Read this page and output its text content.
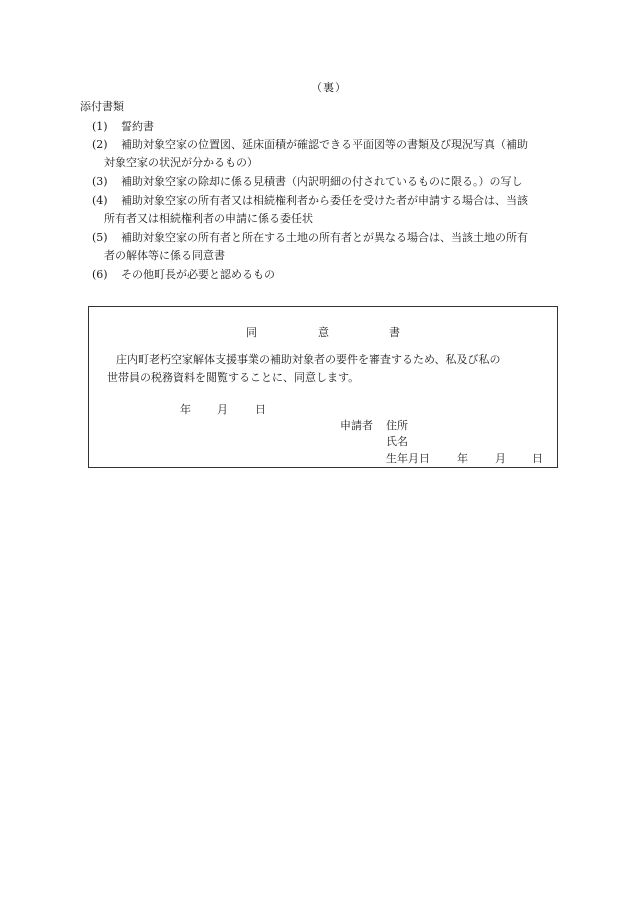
（裏）
添付書類
(1) 誓約書
(2) 補助対象空家の位置図、延床面積が確認できる平面図等の書類及び現況写真（補助
対象空家の状況が分かるもの）
(3) 補助対象空家の除却に係る見積書（内訳明細の付されているものに限る。）の写し
(4) 補助対象空家の所有者又は相続権利者から委任を受けた者が申請する場合は、当該
所有者又は相続権利者の申請に係る委任状
(5) 補助対象空家の所有者と所在する土地の所有者とが異なる場合は、当該土地の所有
者の解体等に係る同意書
(6) その他町長が必要と認めるもの
同	意	書
庄内町老朽空家解体支援事業の補助対象者の要件を審査するため、私及び私の
世帯員の税務資料を閲覧することに、同意します。
年 月 日
申請者 住所
氏名
生年月日 年 月 日
